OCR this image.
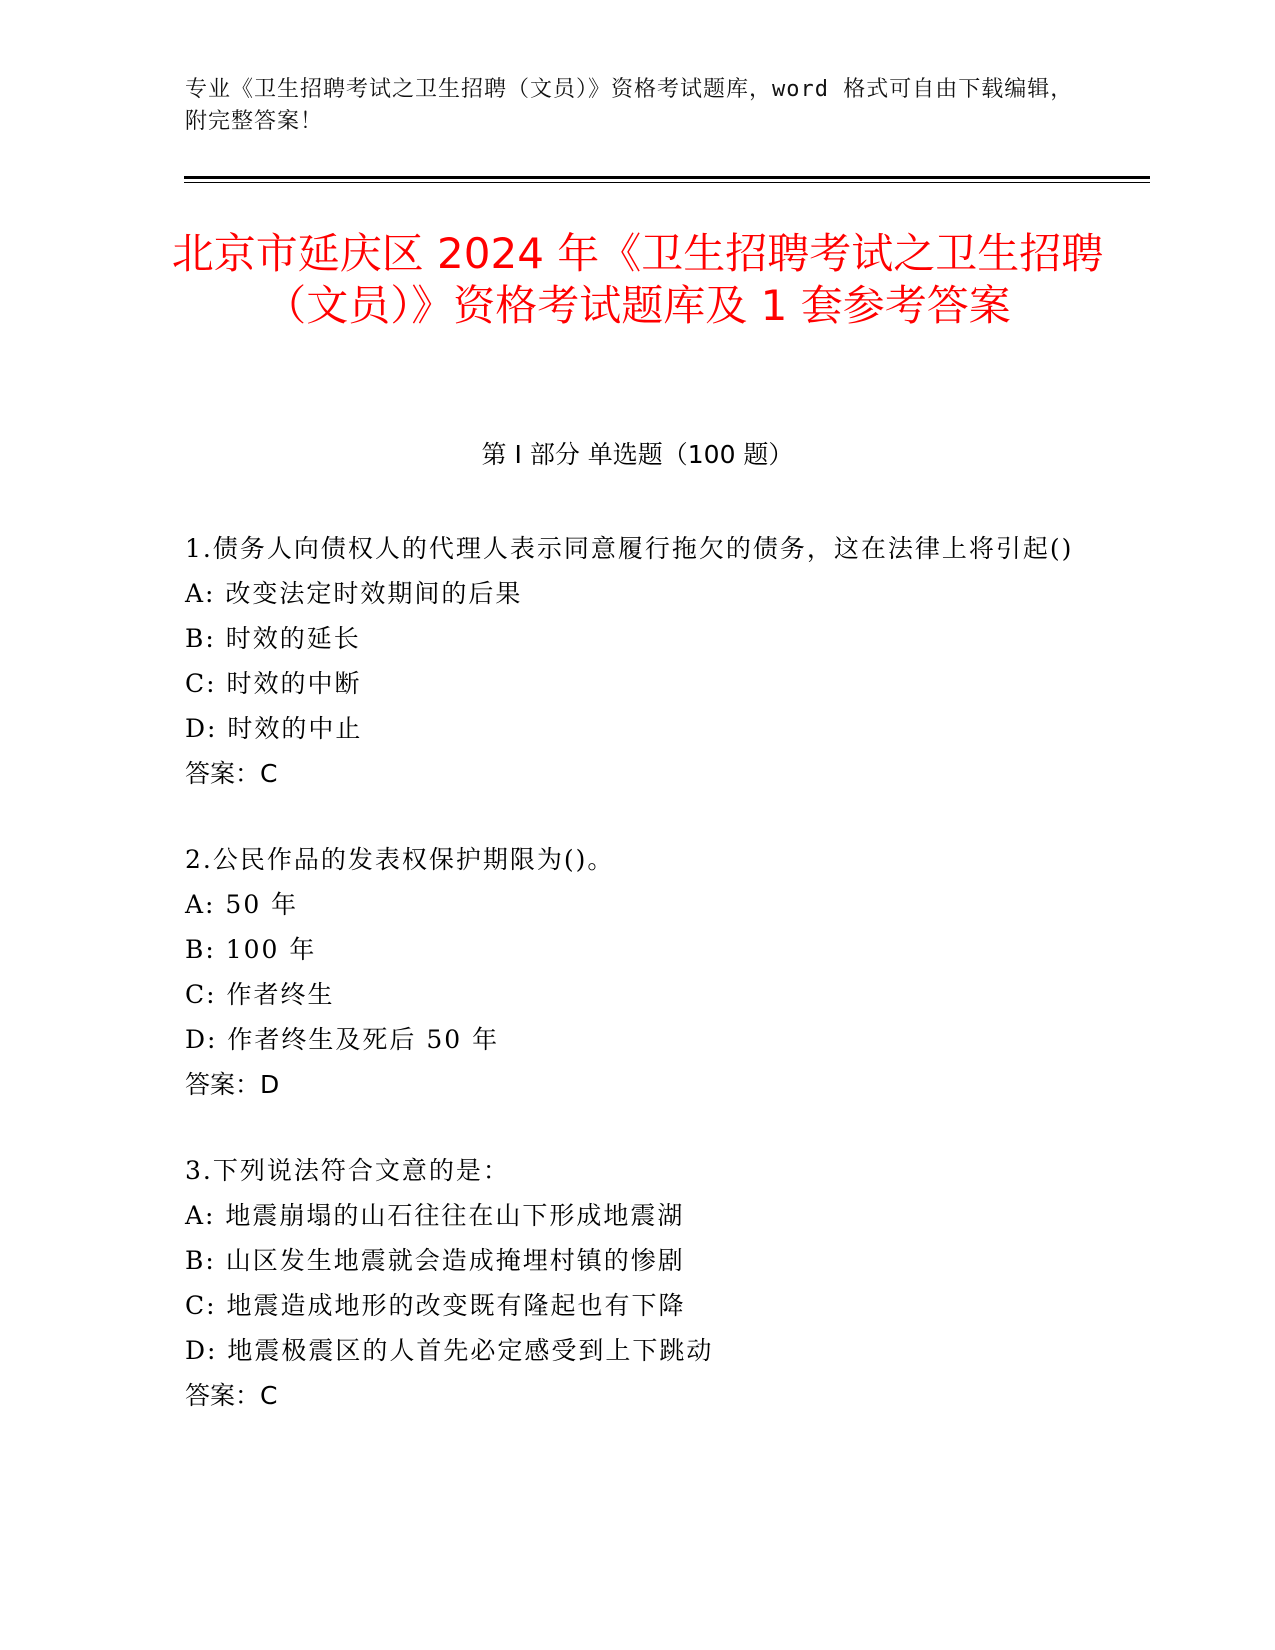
专业《卫生招聘考试之卫生招聘（文员）》资格考试题库，word 格式可自由下载编辑，附完整答案！
北京市延庆区 2024 年《卫生招聘考试之卫生招聘（文员）》资格考试题库及 1 套参考答案
第 I 部分 单选题（100 题）
1.债务人向债权人的代理人表示同意履行拖欠的债务，这在法律上将引起()
A: 改变法定时效期间的后果
B: 时效的延长
C: 时效的中断
D: 时效的中止
答案：C
2.公民作品的发表权保护期限为()。
A: 50 年
B: 100 年
C: 作者终生
D: 作者终生及死后 50 年
答案：D
3.下列说法符合文意的是：
A: 地震崩塌的山石往往在山下形成地震湖
B: 山区发生地震就会造成掩埋村镇的惨剧
C: 地震造成地形的改变既有隆起也有下降
D: 地震极震区的人首先必定感受到上下跳动
答案：C
